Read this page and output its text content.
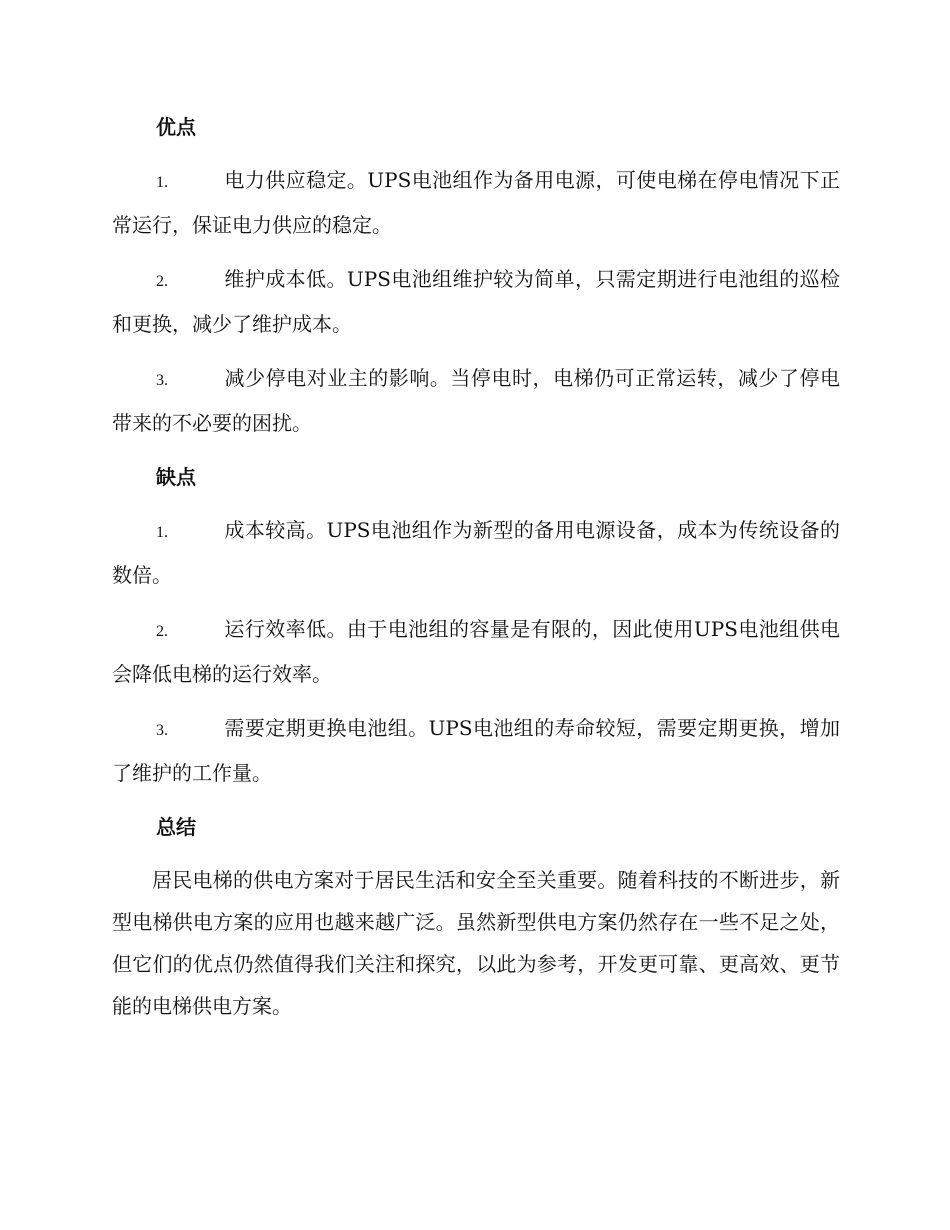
优点
1.	电力供应稳定。UPS电池组作为备用电源，可使电梯在停电情况下正常运行，保证电力供应的稳定。
2.	维护成本低。UPS电池组维护较为简单，只需定期进行电池组的巡检和更换，减少了维护成本。
3.	减少停电对业主的影响。当停电时，电梯仍可正常运转，减少了停电带来的不必要的困扰。
缺点
1.	成本较高。UPS电池组作为新型的备用电源设备，成本为传统设备的数倍。
2.	运行效率低。由于电池组的容量是有限的，因此使用UPS电池组供电会降低电梯的运行效率。
3.	需要定期更换电池组。UPS电池组的寿命较短，需要定期更换，增加了维护的工作量。
总结

居民电梯的供电方案对于居民生活和安全至关重要。随着科技的不断进步，新型电梯供电方案的应用也越来越广泛。虽然新型供电方案仍然存在一些不足之处，但它们的优点仍然值得我们关注和探究，以此为参考，开发更可靠、更高效、更节能的电梯供电方案。
